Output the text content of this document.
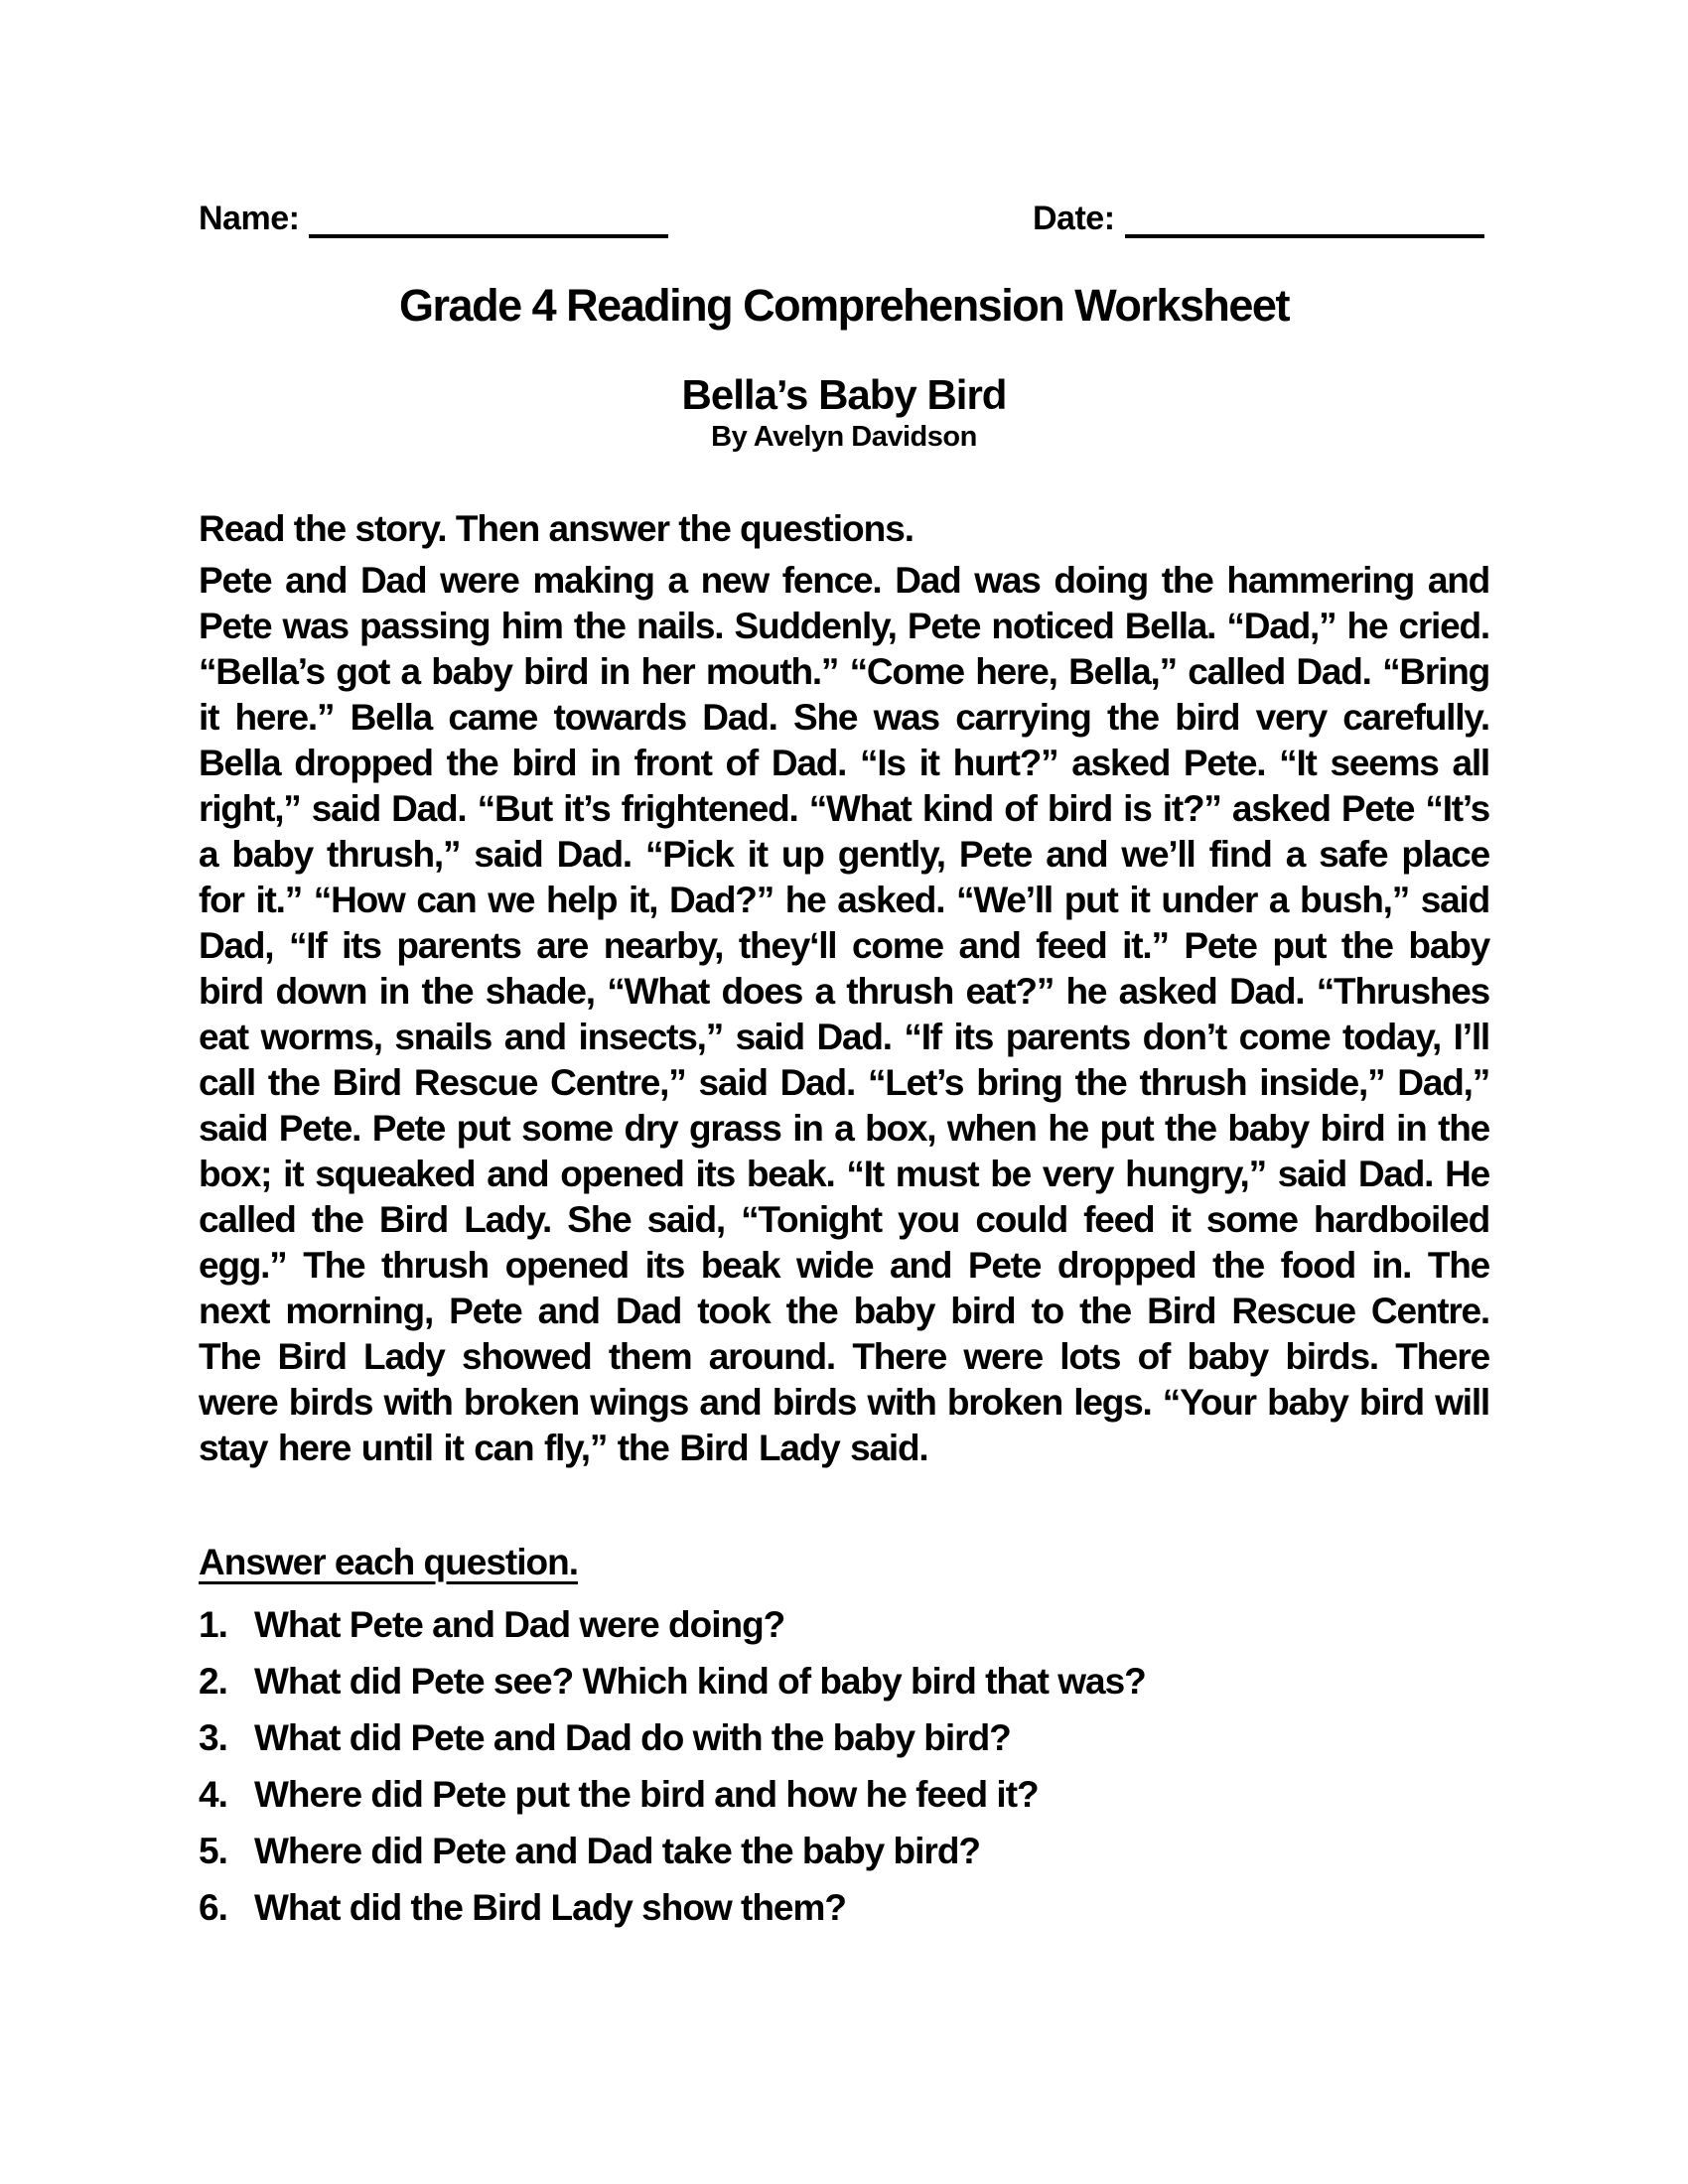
Name:	Date:
Grade 4 Reading Comprehension Worksheet
Bella’s Baby Bird
By Avelyn Davidson
Read the story. Then answer the questions.
Pete and Dad were making a new fence. Dad was doing the hammering and Pete was passing him the nails. Suddenly, Pete noticed Bella. “Dad,” he cried. “Bella’s got a baby bird in her mouth.” “Come here, Bella,” called Dad. “Bring it here.” Bella came towards Dad. She was carrying the bird very carefully. Bella dropped the bird in front of Dad. “Is it hurt?” asked Pete. “It seems all right,” said Dad. “But it’s frightened. “What kind of bird is it?” asked Pete “It’s a baby thrush,” said Dad. “Pick it up gently, Pete and we’ll find a safe place for it.” “How can we help it, Dad?” he asked. “We’ll put it under a bush,” said Dad, “If its parents are nearby, they‘ll come and feed it.” Pete put the baby bird down in the shade, “What does a thrush eat?” he asked Dad. “Thrushes eat worms, snails and insects,” said Dad. “If its parents don’t come today, I’ll call the Bird Rescue Centre,” said Dad. “Let’s bring the thrush inside,” Dad,” said Pete. Pete put some dry grass in a box, when he put the baby bird in the box; it squeaked and opened its beak. “It must be very hungry,” said Dad. He called the Bird Lady. She said, “Tonight you could feed it some hardboiled egg.” The thrush opened its beak wide and Pete dropped the food in. The next morning, Pete and Dad took the baby bird to the Bird Rescue Centre. The Bird Lady showed them around. There were lots of baby birds. There were birds with broken wings and birds with broken legs. “Your baby bird will stay here until it can fly,” the Bird Lady said.
Answer each question.
1. What Pete and Dad were doing?
2. What did Pete see? Which kind of baby bird that was?
3. What did Pete and Dad do with the baby bird?
4. Where did Pete put the bird and how he feed it?
5. Where did Pete and Dad take the baby bird?
6. What did the Bird Lady show them?
